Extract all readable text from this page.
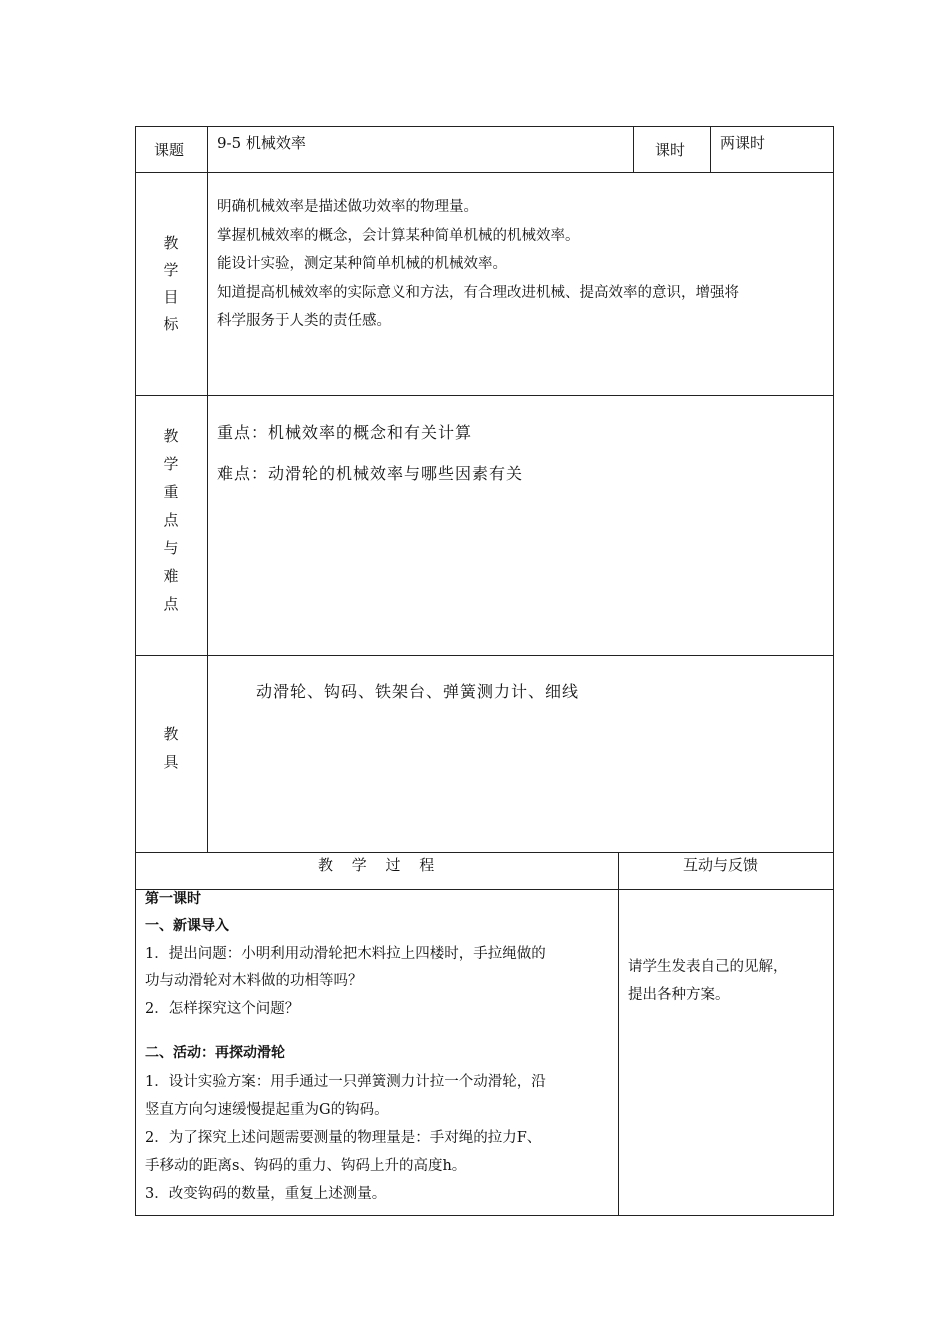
课题 9-5 机械效率	课时 两课时
教
学
目
标
明确机械效率是描述做功效率的物理量。
掌握机械效率的概念，会计算某种简单机械的机械效率。
能设计实验，测定某种简单机械的机械效率。
知道提高机械效率的实际意义和方法，有合理改进机械、提高效率的意识，增强将
科学服务于人类的责任感。
教
学
重
点
与
难
点
重点：机械效率的概念和有关计算
难点：动滑轮的机械效率与哪些因素有关
教
具
动滑轮、钩码、铁架台、弹簧测力计、细线
教 学 过 程	互动与反馈
第一课时
一、新课导入
1．提出问题：小明利用动滑轮把木料拉上四楼时，手拉绳做的
功与动滑轮对木料做的功相等吗？
2．怎样探究这个问题？
二、活动：再探动滑轮
1．设计实验方案：用手通过一只弹簧测力计拉一个动滑轮，沿
竖直方向匀速缓慢提起重为G的钩码。
2．为了探究上述问题需要测量的物理量是：手对绳的拉力F、
手移动的距离s、钩码的重力、钩码上升的高度h。
3．改变钩码的数量，重复上述测量。
请学生发表自己的见解，
提出各种方案。
